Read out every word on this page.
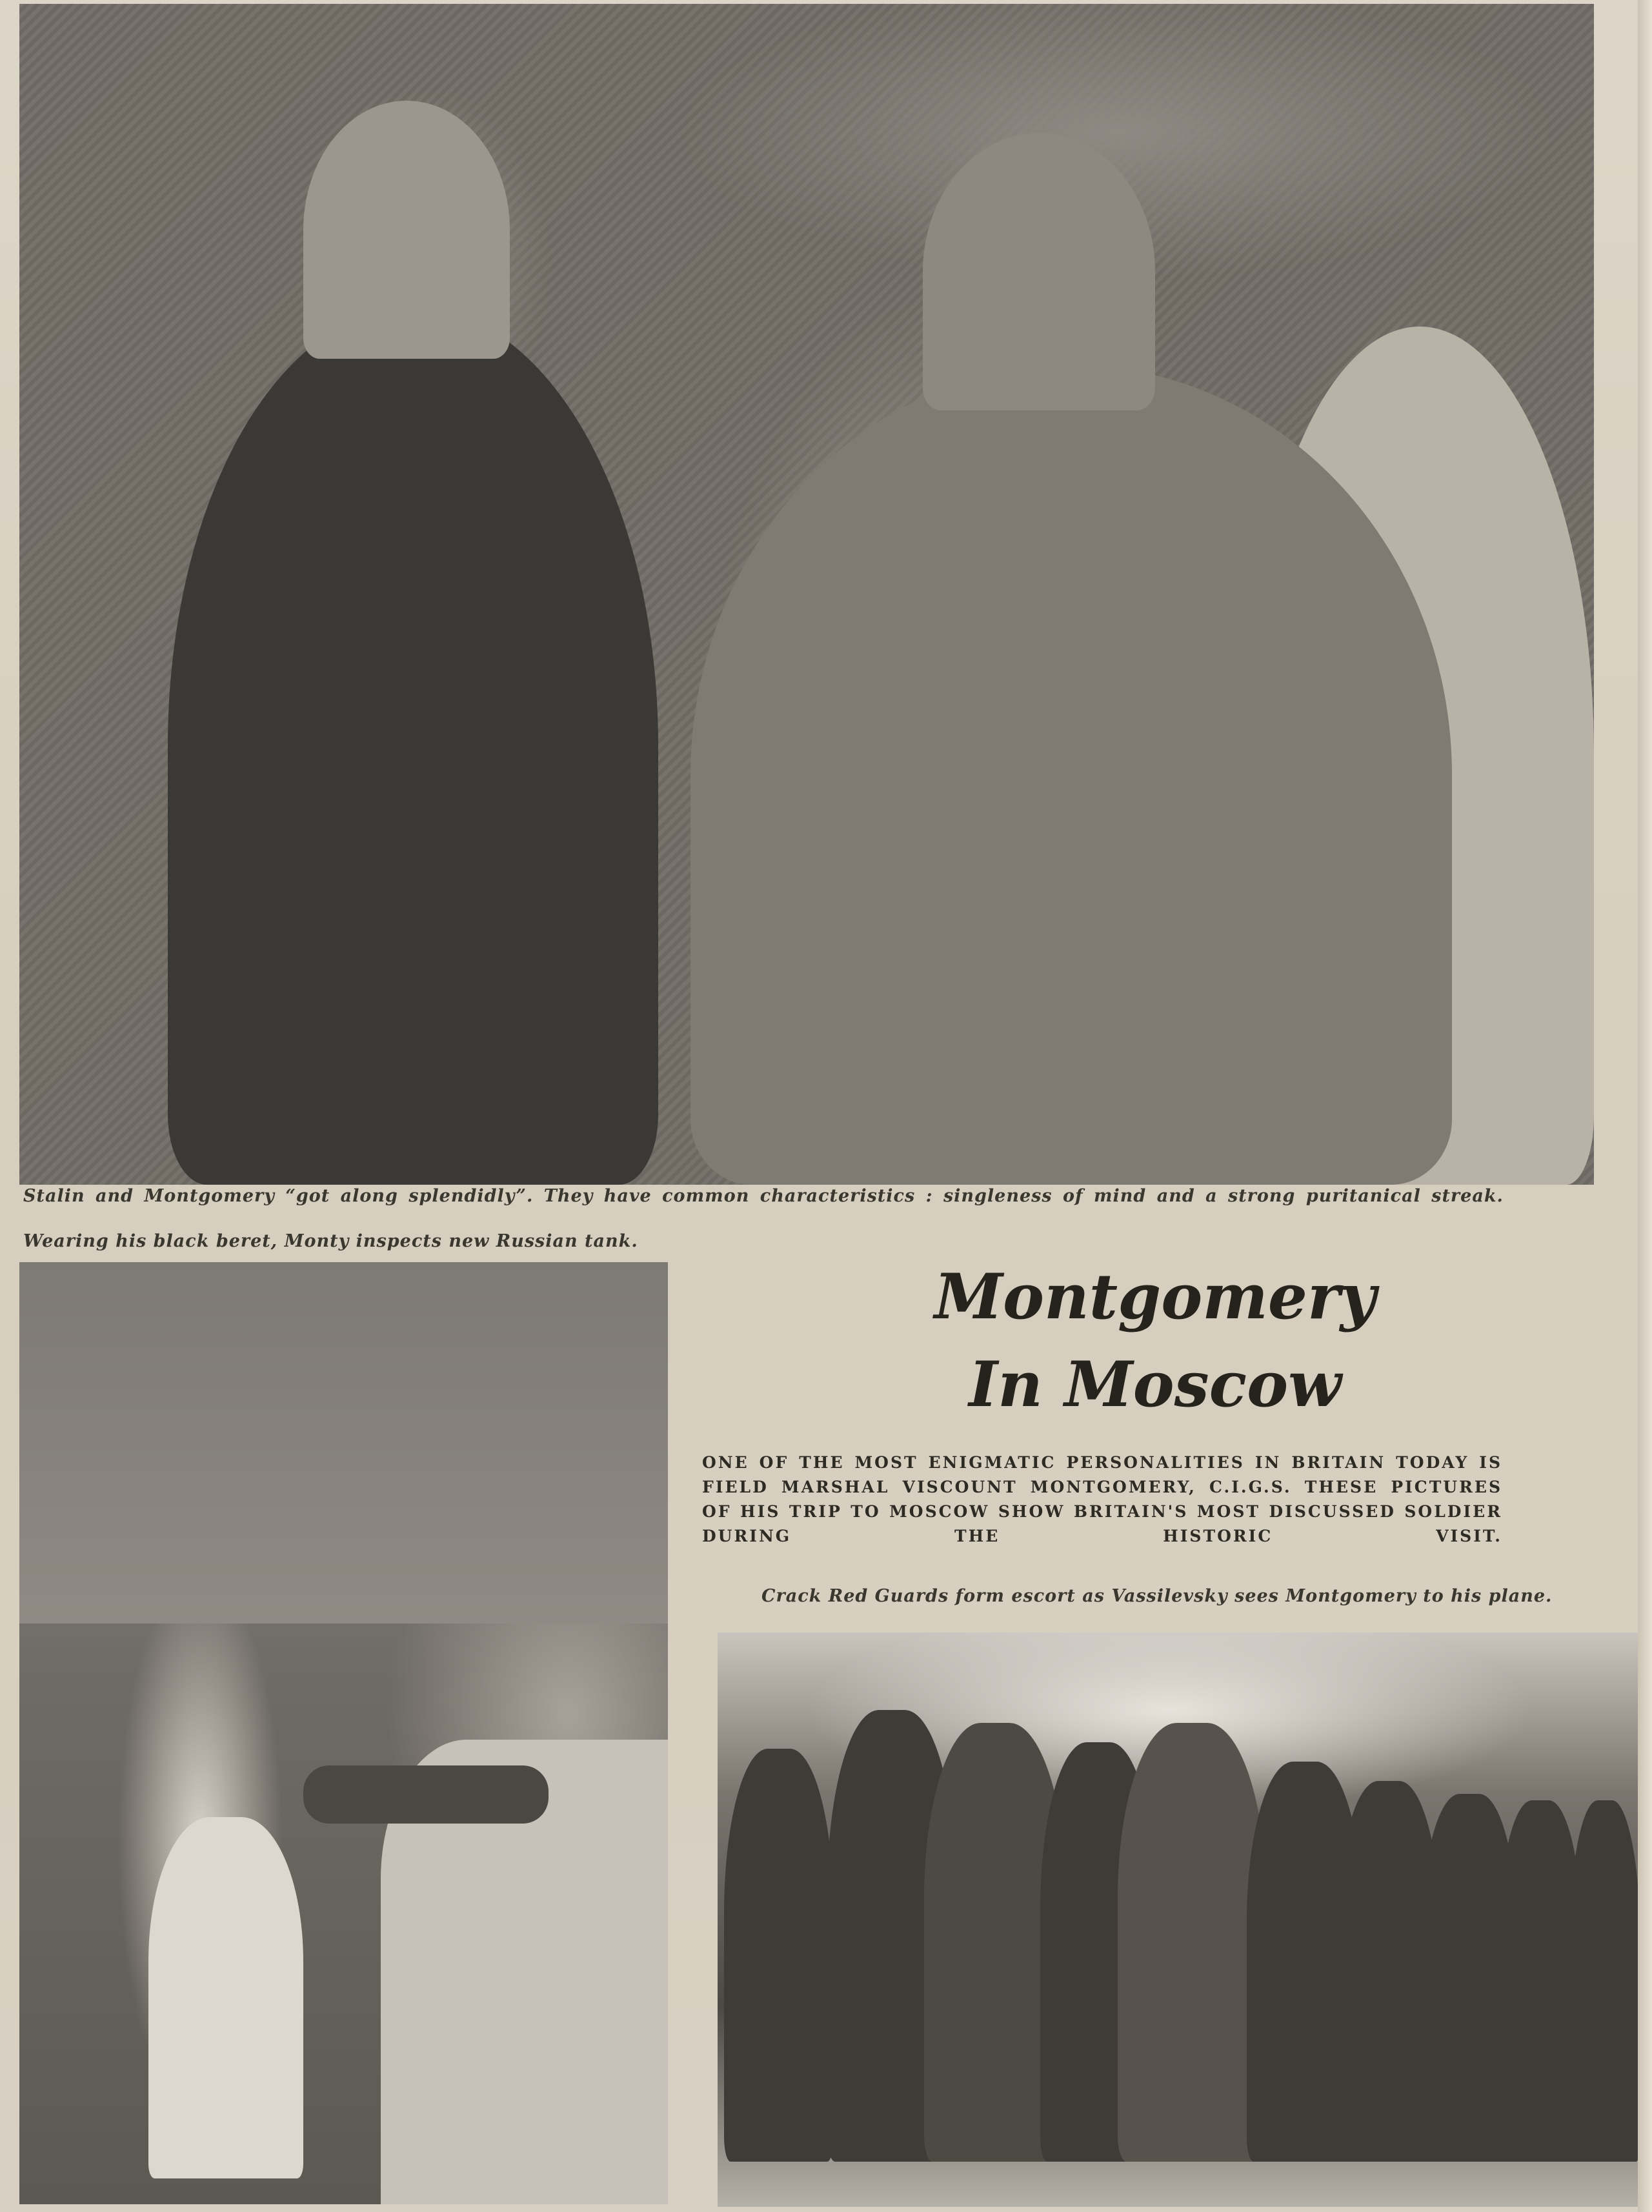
Stalin and Montgomery “got along splendidly”. They have common characteristics : singleness of mind and a strong puritanical streak.
Wearing his black beret, Monty inspects new Russian tank.
Montgomery
In Moscow
ONE OF THE MOST ENIGMATIC PERSONALITIES IN BRITAIN TODAY IS FIELD MARSHAL VISCOUNT MONTGOMERY, C.I.G.S. THESE PICTURES OF HIS TRIP TO MOSCOW SHOW BRITAIN'S MOST DISCUSSED SOLDIER DURING THE HISTORIC VISIT.
Crack Red Guards form escort as Vassilevsky sees Montgomery to his plane.
